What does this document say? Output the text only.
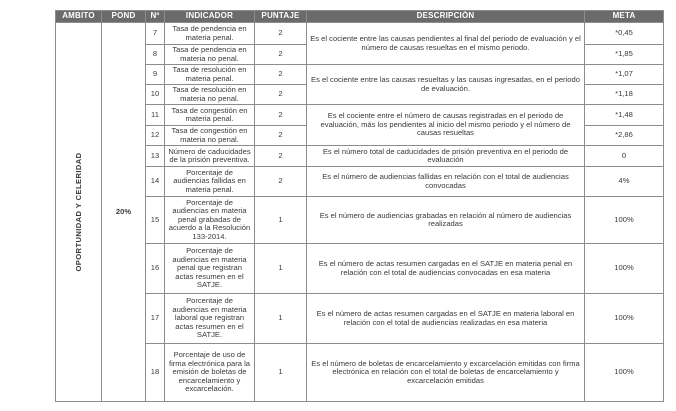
AMBITO	POND	Nº	INDICADOR	PUNTAJE	DESCRIPCIÓN	META

OPORTUNIDAD Y CELERIDAD	20%	7	Tasa de pendencia en materia penal.	2	Es el cociente entre las causas pendientes al final del periodo de evaluación y el número de causas resueltas en el mismo periodo.	*0,45
		8	Tasa de pendencia en materia no penal.	2		*1,85
		9	Tasa de resolución en materia penal.	2	Es el cociente entre las causas resueltas y las causas ingresadas, en el periodo de evaluación.	*1,07
		10	Tasa de resolución en materia no penal.	2		*1,18
		11	Tasa de congestión en materia penal.	2	Es el cociente entre el número de causas registradas en el periodo de evaluación, más los pendientes al inicio del mismo periodo y el número de causas resueltas	*1,48
		12	Tasa de congestión en materia no penal.	2		*2,86
		13	Número de caducidades de la prisión preventiva.	2	Es el número total de caducidades de prisión preventiva en el periodo de evaluación	0
		14	Porcentaje de audiencias fallidas en materia penal.	2	Es el número de audiencias fallidas en relación con el total de audiencias convocadas	4%
		15	Porcentaje de audiencias en materia penal grabadas de acuerdo a la Resolución 133-2014.	1	Es el número de audiencias grabadas en relación al número de audiencias realizadas	100%
		16	Porcentaje de audiencias en materia penal que registran actas resumen en el SATJE.	1	Es el número de actas resumen cargadas en el SATJE en materia penal en relación con el total de audiencias convocadas en esa materia	100%
		17	Porcentaje de audiencias en materia laboral que registran actas resumen en el SATJE.	1	Es el número de actas resumen cargadas en el SATJE en materia laboral en relación con el total de audiencias realizadas en esa materia	100%
		18	Porcentaje de uso de firma electrónica para la emisión de boletas de encarcelamiento y excarcelación.	1	Es el número de boletas de encarcelamiento y excarcelación emitidas con firma electrónica en relación con el total de boletas de encarcelamiento y excarcelación emitidas	100%
